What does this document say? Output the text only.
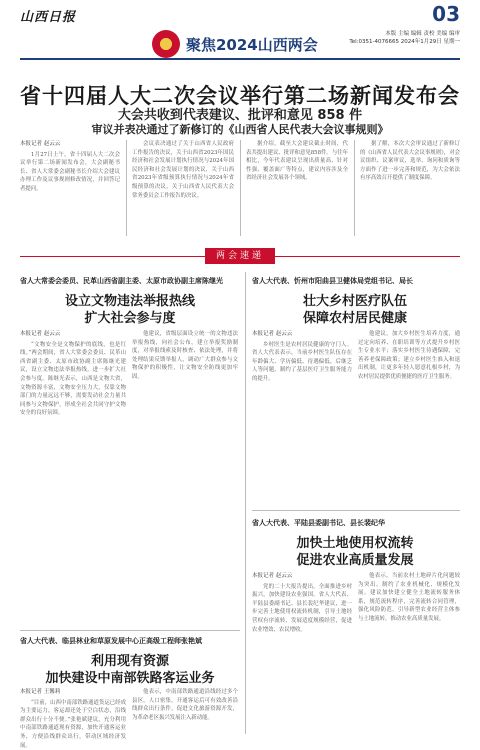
山西日报
聚焦2024山西两会
03
本版 主编 编辑 责校 美编 编审
Tel:0351-4076665 2024年1月29日 星期一
省十四届人大二次会议举行第二场新闻发布会
大会共收到代表建议、批评和意见 858 件
审议并表决通过了新修订的《山西省人民代表大会议事规则》
本报记者 赵云云

1月27日上午，省十四届人大二次会议举行第二场新闻发布会，大会副秘书长、省人大常委会副秘书长介绍大会建议办理工作及议事规则修改情况，并回答记者提问。

会议表决通过了关于山西省人民政府工作报告的决议，关于山西省2023年国民经济和社会发展计划执行情况与2024年国民经济和社会发展计划的决议，关于山西省2023年省级预算执行情况与2024年省级预算的决议，关于山西省人民代表大会常务委员会工作报告的决议。

据介绍，截至大会建议截止时间，代表共提出建议、批评和意见858件。与往年相比，今年代表建议呈现出质量高、针对性强、覆盖面广等特点，建议内容涉及全省经济社会发展各个领域。

据了解，本次大会审议通过了新修订的《山西省人民代表大会议事规则》，对会议组织、议案审议、选举、询问和质询等方面作了进一步完善和规范，为大会依法有序高效召开提供了制度保障。

两会速递
省人大常委会委员、民革山西省副主委、太原市政协副主席陈继光
设立文物违法举报热线
扩大社会参与度
本报记者 赵云云

“文物安全是文物保护的底线，也是红线。”两会期间，省人大常委会委员、民革山西省副主委、太原市政协副主席陈继光建议，设立文物违法举报热线，进一步扩大社会参与度。陈继光表示，山西是文物大省，文物资源丰富，文物安全压力大，仅靠文物部门的力量远远不够，需要发动社会力量共同参与文物保护，形成全社会共同守护文物安全的良好氛围。

他建议，省级层面设立统一的文物违法举报热线，向社会公布，建立举报奖励制度，对举报线索及时核查、依法处理，并将处理结果反馈举报人，调动广大群众参与文物保护的积极性，让文物安全防线更加牢固。

省人大代表、忻州市阳曲县卫健体局党组书记、局长
壮大乡村医疗队伍
保障农村居民健康
本报记者 赵云云

乡村医生是农村居民健康的守门人。省人大代表表示，当前乡村医生队伍存在年龄偏大、学历偏低、待遇偏低、后继乏人等问题，制约了基层医疗卫生服务能力的提升。

他建议，加大乡村医生培养力度，通过定向培养、在职培训等方式提升乡村医生专业水平；落实乡村医生待遇保障，完善养老保障政策；建立乡村医生准入和退出机制，让更多年轻人愿意扎根乡村，为农村居民提供优质便捷的医疗卫生服务。

省人大代表、临县林业和草原发展中心正高级工程师张艳斌
利用现有资源
加快建设中南部铁路客运业务
本报记者 王馨莉

“目前，山西中南部铁路通道货运已经成为主要运力，客运却还处于空白状态，沿线群众出行十分不便。”张艳斌建议，充分利用中南部铁路通道现有资源，加快开通客运业务，方便沿线群众出行，带动区域经济发展。

他表示，中南部铁路通道沿线经过多个县区，人口密集，开通客运后可有效改善沿线群众出行条件，促进文化旅游资源开发，为革命老区振兴发展注入新动能。

省人大代表、平陆县委副书记、县长裴纪华
加快土地使用权流转
促进农业高质量发展
本报记者 赵云云

党的二十大报告提出，全面推进乡村振兴，加快建设农业强国。省人大代表、平陆县委副书记、县长裴纪华建议，进一步完善土地使用权流转机制，引导土地经营权有序流转，发展适度规模经营，促进农业增效、农民增收。

他表示，当前农村土地碎片化问题较为突出，制约了农业机械化、规模化发展。建议加快建立健全土地流转服务体系，规范流转程序，完善流转合同管理，强化风险防范，引导新型农业经营主体参与土地流转，推动农业高质量发展。
